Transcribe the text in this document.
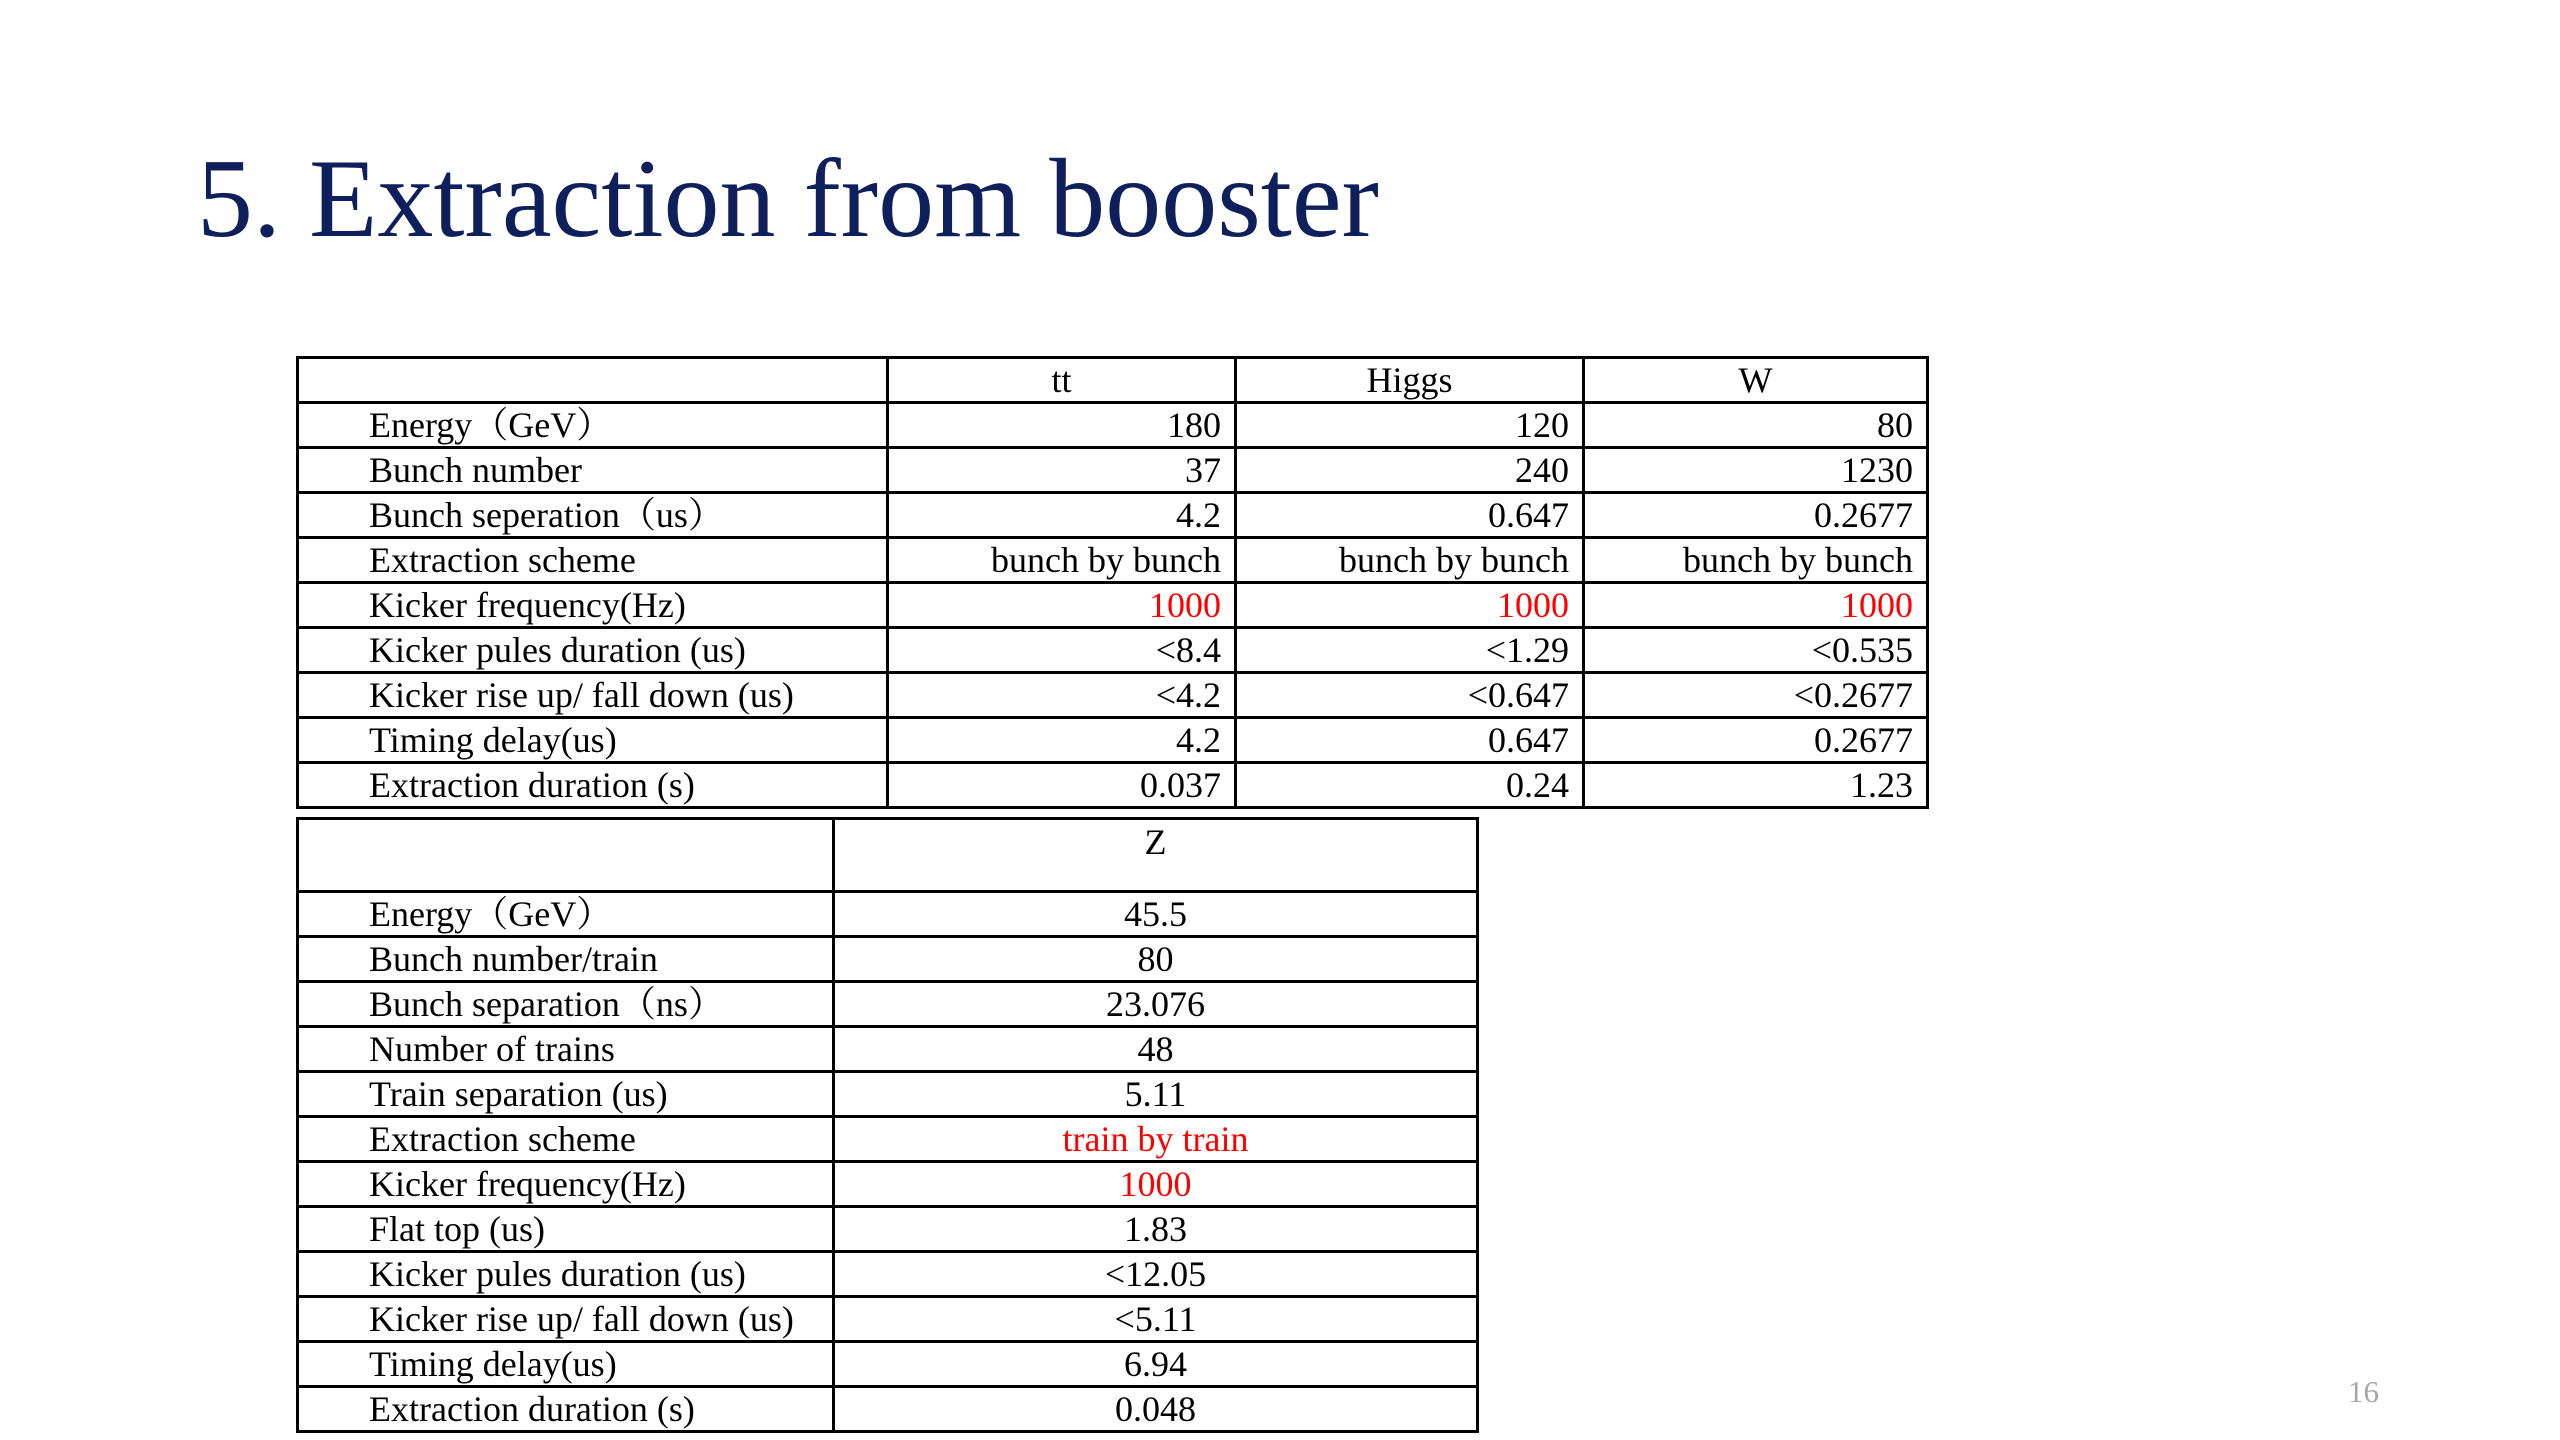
5. Extraction from booster
	tt	Higgs	W
Energy（GeV）	180	120	80
Bunch number	37	240	1230
Bunch seperation（us）	4.2	0.647	0.2677
Extraction scheme	bunch by bunch	bunch by bunch	bunch by bunch
Kicker frequency(Hz)	1000	1000	1000
Kicker pules duration (us)	<8.4	<1.29	<0.535
Kicker rise up/ fall down (us)	<4.2	<0.647	<0.2677
Timing delay(us)	4.2	0.647	0.2677
Extraction duration (s)	0.037	0.24	1.23
	Z
Energy（GeV）	45.5
Bunch number/train	80
Bunch separation（ns）	23.076
Number of trains	48
Train separation (us)	5.11
Extraction scheme	train by train
Kicker frequency(Hz)	1000
Flat top (us)	1.83
Kicker pules duration (us)	<12.05
Kicker rise up/ fall down (us)	<5.11
Timing delay(us)	6.94
Extraction duration (s)	0.048	16
